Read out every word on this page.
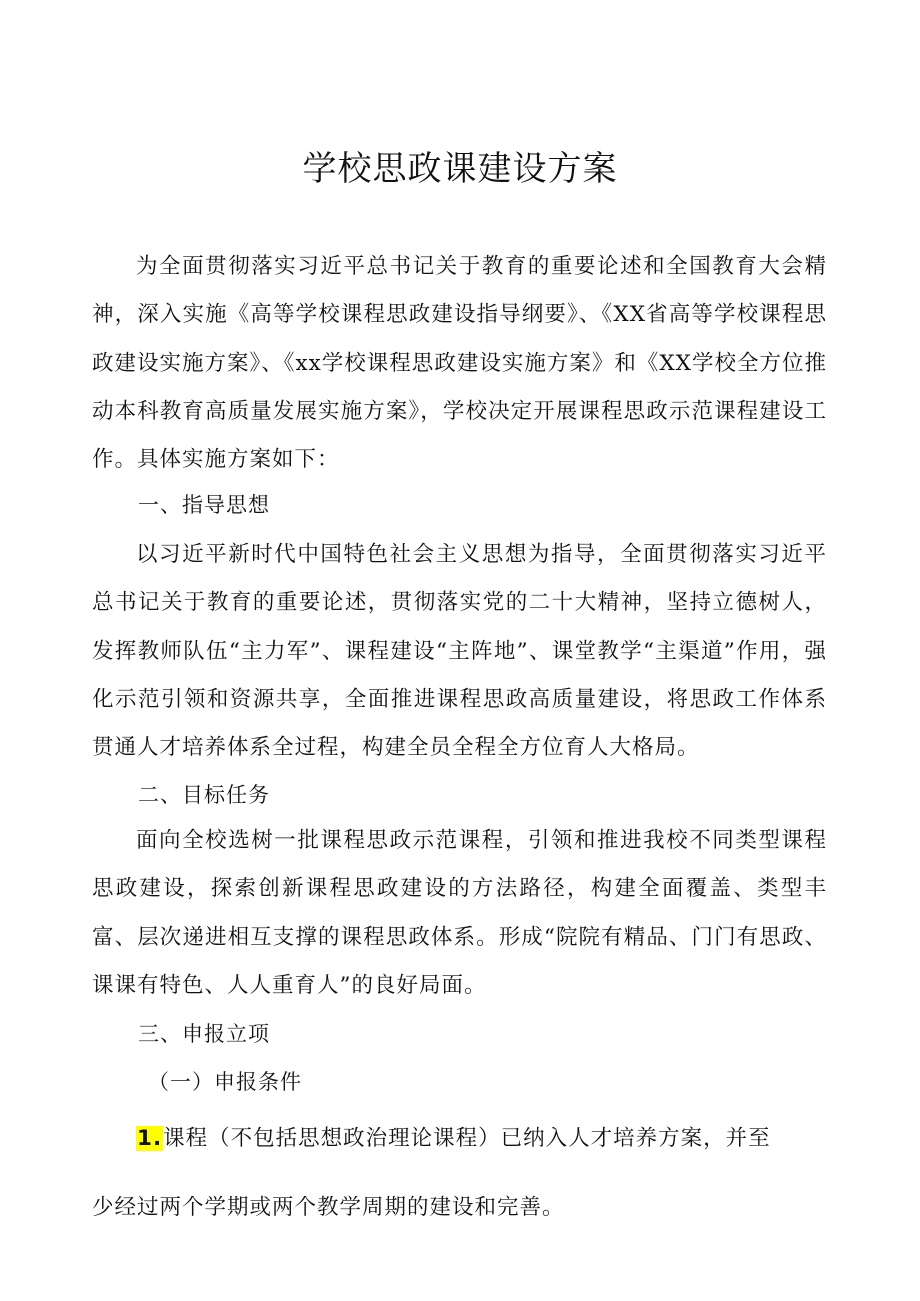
学校思政课建设方案

为全面贯彻落实习近平总书记关于教育的重要论述和全国教育大会精神，深入实施《高等学校课程思政建设指导纲要》、《XX省高等学校课程思政建设实施方案》、《xx学校课程思政建设实施方案》和《XX学校全方位推动本科教育高质量发展实施方案》，学校决定开展课程思政示范课程建设工作。具体实施方案如下：

一、指导思想

以习近平新时代中国特色社会主义思想为指导，全面贯彻落实习近平总书记关于教育的重要论述，贯彻落实党的二十大精神，坚持立德树人，发挥教师队伍“主力军”、课程建设“主阵地”、课堂教学“主渠道”作用，强化示范引领和资源共享，全面推进课程思政高质量建设，将思政工作体系贯通人才培养体系全过程，构建全员全程全方位育人大格局。

二、目标任务

面向全校选树一批课程思政示范课程，引领和推进我校不同类型课程思政建设，探索创新课程思政建设的方法路径，构建全面覆盖、类型丰富、层次递进相互支撑的课程思政体系。形成“院院有精品、门门有思政、课课有特色、人人重育人”的良好局面。

三、申报立项

（一）申报条件

1.课程（不包括思想政治理论课程）已纳入人才培养方案，并至

少经过两个学期或两个教学周期的建设和完善。
